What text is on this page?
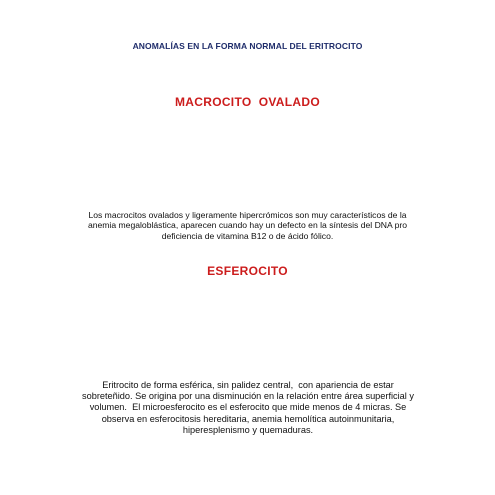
ANOMALÍAS EN LA FORMA NORMAL DEL ERITROCITO
MACROCITO  OVALADO
Los macrocitos ovalados y ligeramente hipercrómicos son muy característicos de la
anemia megaloblástica, aparecen cuando hay un defecto en la síntesis del DNA pro
deficiencia de vitamina B12 o de ácido fólico.
ESFEROCITO
Eritrocito de forma esférica, sin palidez central,  con apariencia de estar
sobreteñido. Se origina por una disminución en la relación entre área superficial y
volumen.  El microesferocito es el esferocito que mide menos de 4 micras. Se
observa en esferocitosis hereditaria, anemia hemolítica autoinmunitaria,
hiperesplenismo y quemaduras.
